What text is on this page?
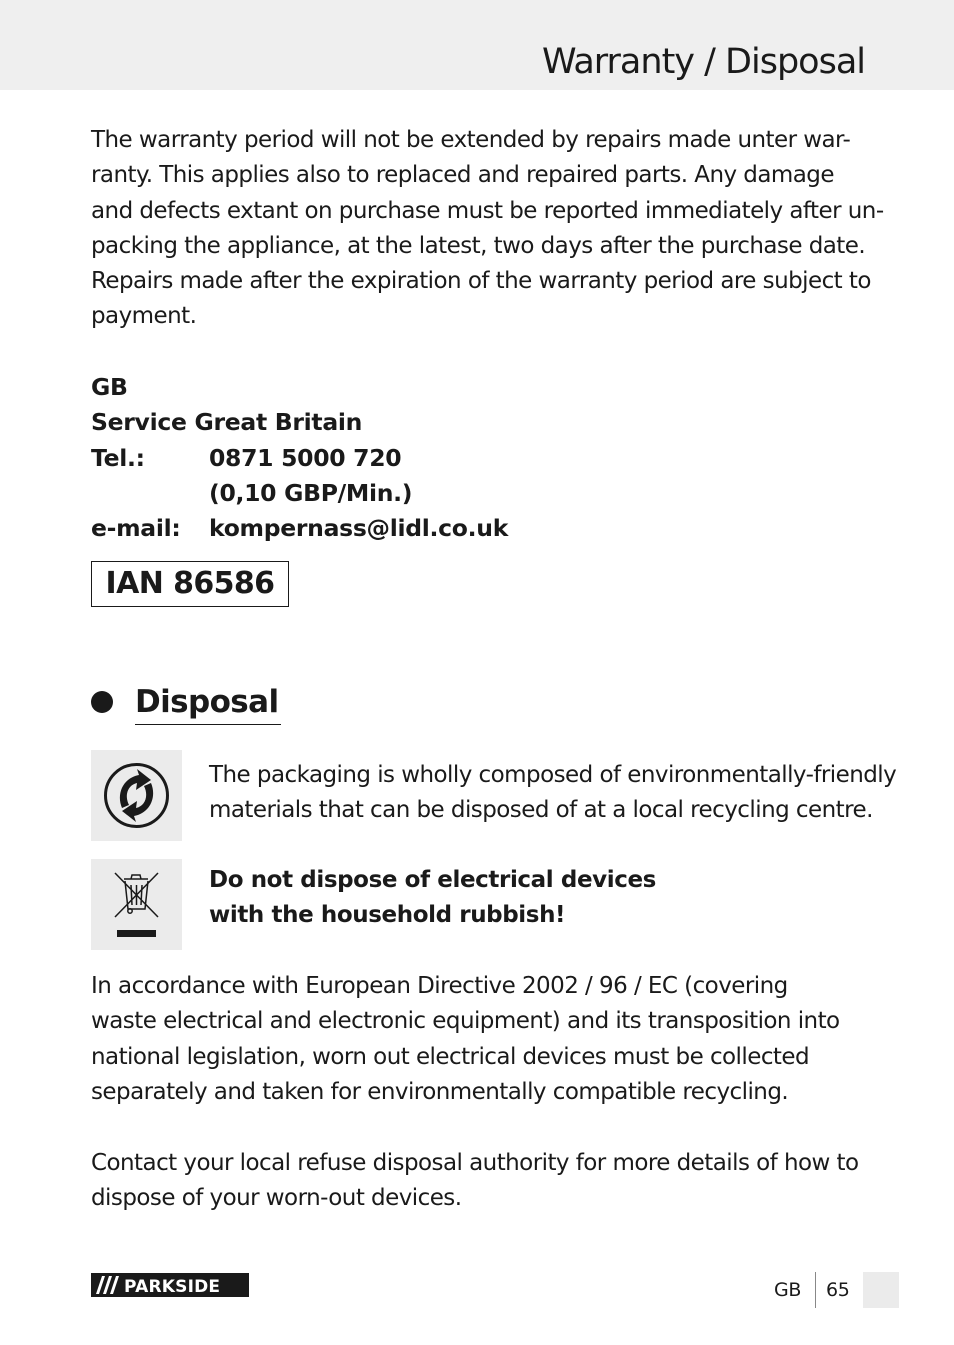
Warranty / Disposal
The warranty period will not be extended by repairs made unter war-
ranty. This applies also to replaced and repaired parts. Any damage
and defects extant on purchase must be reported immediately after un-
packing the appliance, at the latest, two days after the purchase date.
Repairs made after the expiration of the warranty period are subject to
payment.
GB
Service Great Britain
Tel.:	0871 5000 720
(0,10 GBP/Min.)
e-mail: kompernass@lidl.co.uk
IAN 86586
Disposal
The packaging is wholly composed of environmentally-friendly
materials that can be disposed of at a local recycling centre.
Do not dispose of electrical devices
with the household rubbish!
In accordance with European Directive 2002 / 96 / EC (covering
waste electrical and electronic equipment) and its transposition into
national legislation, worn out electrical devices must be collected
separately and taken for environmentally compatible recycling.
Contact your local refuse disposal authority for more details of how to
dispose of your worn-out devices.
PARKSIDE	GB 65
